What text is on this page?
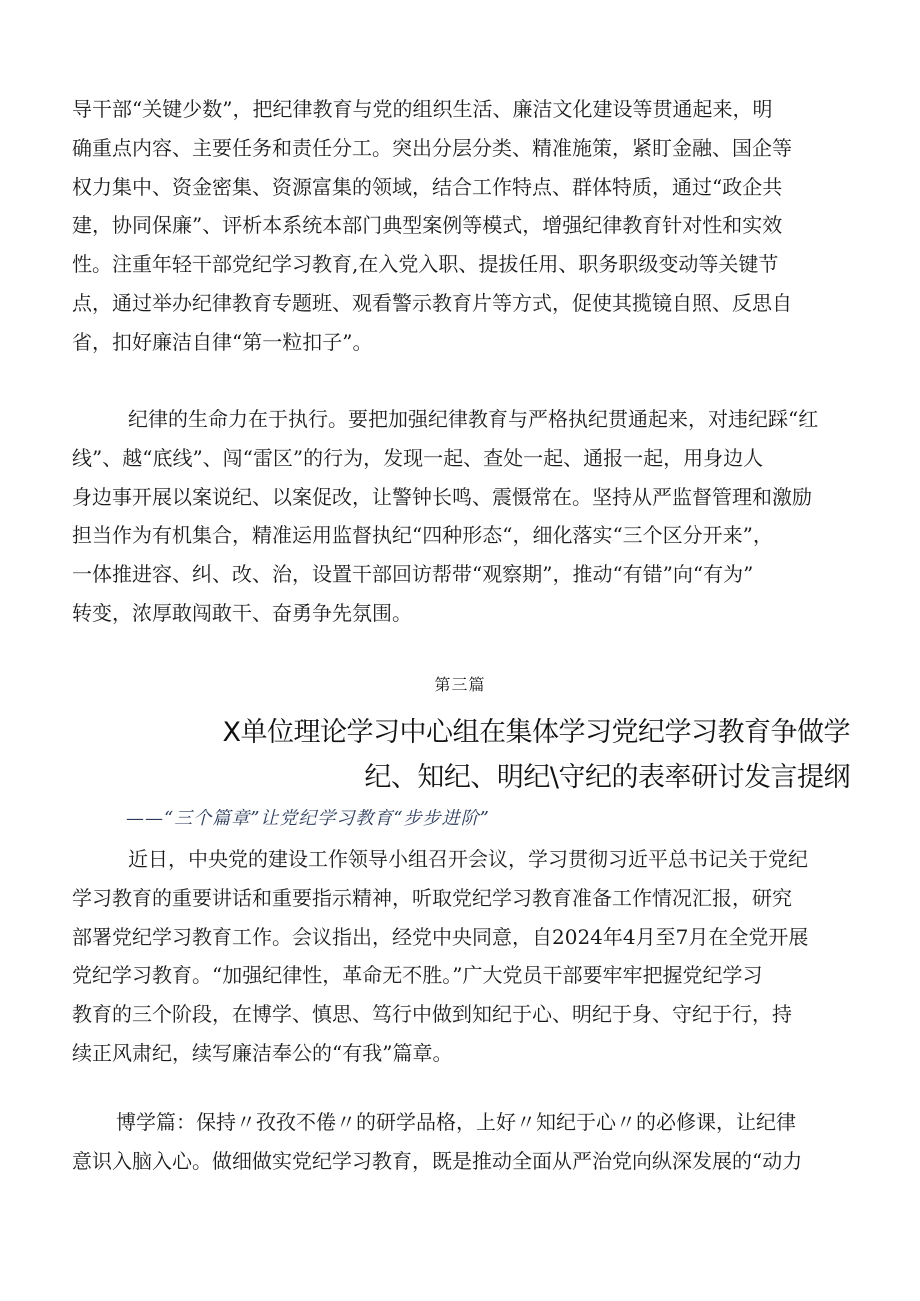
导干部“关键少数”，把纪律教育与党的组织生活、廉洁文化建设等贯通起来，明
确重点内容、主要任务和责任分工。突出分层分类、精准施策，紧盯金融、国企等
权力集中、资金密集、资源富集的领域，结合工作特点、群体特质，通过“政企共
建，协同保廉”、评析本系统本部门典型案例等模式，增强纪律教育针对性和实效
性。注重年轻干部党纪学习教育,在入党入职、提拔任用、职务职级变动等关键节
点，通过举办纪律教育专题班、观看警示教育片等方式，促使其揽镜自照、反思自
省，扣好廉洁自律“第一粒扣子”。
纪律的生命力在于执行。要把加强纪律教育与严格执纪贯通起来，对违纪踩“红
线”、越“底线”、闯“雷区”的行为，发现一起、查处一起、通报一起，用身边人
身边事开展以案说纪、以案促改，让警钟长鸣、震慑常在。坚持从严监督管理和激励
担当作为有机集合，精准运用监督执纪“四种形态“，细化落实“三个区分开来”，
一体推进容、纠、改、治，设置干部回访帮带“观察期”，推动“有错”向“有为”
转变，浓厚敢闯敢干、奋勇争先氛围。
第三篇
X单位理论学习中心组在集体学习党纪学习教育争做学
纪、知纪、明纪\守纪的表率研讨发言提纲
——“三个篇章”让党纪学习教育“步步进阶”
近日，中央党的建设工作领导小组召开会议，学习贯彻习近平总书记关于党纪
学习教育的重要讲话和重要指示精神，听取党纪学习教育准备工作情况汇报，研究
部署党纪学习教育工作。会议指出，经党中央同意，自2024年4月至7月在全党开展
党纪学习教育。“加强纪律性，革命无不胜。”广大党员干部要牢牢把握党纪学习
教育的三个阶段，在博学、慎思、笃行中做到知纪于心、明纪于身、守纪于行，持
续正风肃纪，续写廉洁奉公的“有我”篇章。
博学篇：保持〃孜孜不倦〃的研学品格，上好〃知纪于心〃的必修课，让纪律
意识入脑入心。做细做实党纪学习教育，既是推动全面从严治党向纵深发展的“动力
